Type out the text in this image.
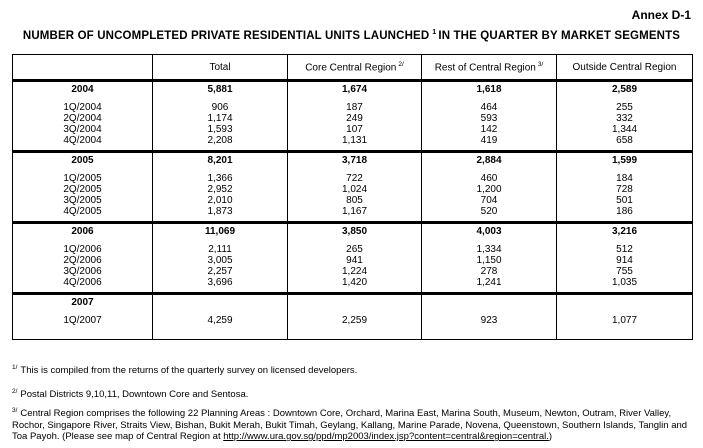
Annex D-1
NUMBER OF UNCOMPLETED PRIVATE RESIDENTIAL UNITS LAUNCHED $^1$ IN THE QUARTER BY MARKET SEGMENTS
	Total	Core Central Region $^{2/}$	Rest of Central Region $^{3/}$	Outside Central Region
2004	5,881	1,674	1,618	2,589

1Q/2004	906	187	464	255
2Q/2004	1,174	249	593	332
3Q/2004	1,593	107	142	1,344
4Q/2004	2,208	1,131	419	658

2005	8,201	3,718	2,884	1,599

1Q/2005	1,366	722	460	184
2Q/2005	2,952	1,024	1,200	728
3Q/2005	2,010	805	704	501
4Q/2005	1,873	1,167	520	186

2006	11,069	3,850	4,003	3,216

1Q/2006	2,111	265	1,334	512
2Q/2006	3,005	941	1,150	914
3Q/2006	2,257	1,224	278	755
4Q/2006	3,696	1,420	1,241	1,035

2007				

1Q/2007	4,259	2,259	923	1,077

$^{1/}$ This is compiled from the returns of the quarterly survey on licensed developers.
$^{2/}$ Postal Districts 9,10,11, Downtown Core and Sentosa.
$^{3/}$ Central Region comprises the following 22 Planning Areas : Downtown Core, Orchard, Marina East, Marina South, Museum, Newton, Outram, River Valley, Rochor, Singapore River, Straits View, Bishan, Bukit Merah, Bukit Timah, Geylang, Kallang, Marine Parade, Novena, Queenstown, Southern Islands, Tanglin and Toa Payoh. (Please see map of Central Region at http://www.ura.gov.sg/ppd/mp2003/index.jsp?content=central&region=central.)
